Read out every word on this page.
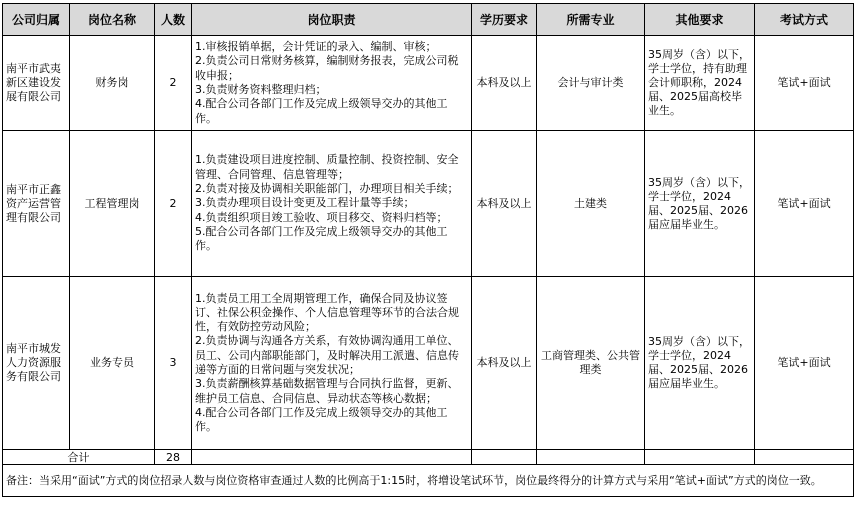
公司归属	岗位名称	人数	岗位职责	学历要求	所需专业	其他要求	考试方式
南平市武夷新区建设发展有限公司	财务岗	2	1.审核报销单据，会计凭证的录入、编制、审核；
2.负责公司日常财务核算，编制财务报表，完成公司税收申报；
3.负责财务资料整理归档；
4.配合公司各部门工作及完成上级领导交办的其他工作。	本科及以上	会计与审计类	35周岁（含）以下，学士学位，持有助理会计师职称，2024届、2025届高校毕业生。	笔试+面试
南平市正鑫资产运营管理有限公司	工程管理岗	2	1.负责建设项目进度控制、质量控制、投资控制、安全管理、合同管理、信息管理等；
2.负责对接及协调相关职能部门，办理项目相关手续；
3.负责办理项目设计变更及工程计量等手续；
4.负责组织项目竣工验收、项目移交、资料归档等；
5.配合公司各部门工作及完成上级领导交办的其他工作。	本科及以上	土建类	35周岁（含）以下，学士学位，2024届、2025届、2026届应届毕业生。	笔试+面试
南平市城发人力资源服务有限公司	业务专员	3	1.负责员工用工全周期管理工作，确保合同及协议签订、社保公积金操作、个人信息管理等环节的合法合规性，有效防控劳动风险；
2.负责协调与沟通各方关系，有效协调沟通用工单位、员工、公司内部职能部门，及时解决用工派遣、信息传递等方面的日常问题与突发状况；
3.负责薪酬核算基础数据管理与合同执行监督，更新、维护员工信息、合同信息、异动状态等核心数据；
4.配合公司各部门工作及完成上级领导交办的其他工作。	本科及以上	工商管理类、公共管理类	35周岁（含）以下，学士学位，2024届、2025届、2026届应届毕业生。	笔试+面试
合计		28					
备注：当采用“面试”方式的岗位招录人数与岗位资格审查通过人数的比例高于1:15时，将增设笔试环节，岗位最终得分的计算方式与采用“笔试+面试”方式的岗位一致。							
